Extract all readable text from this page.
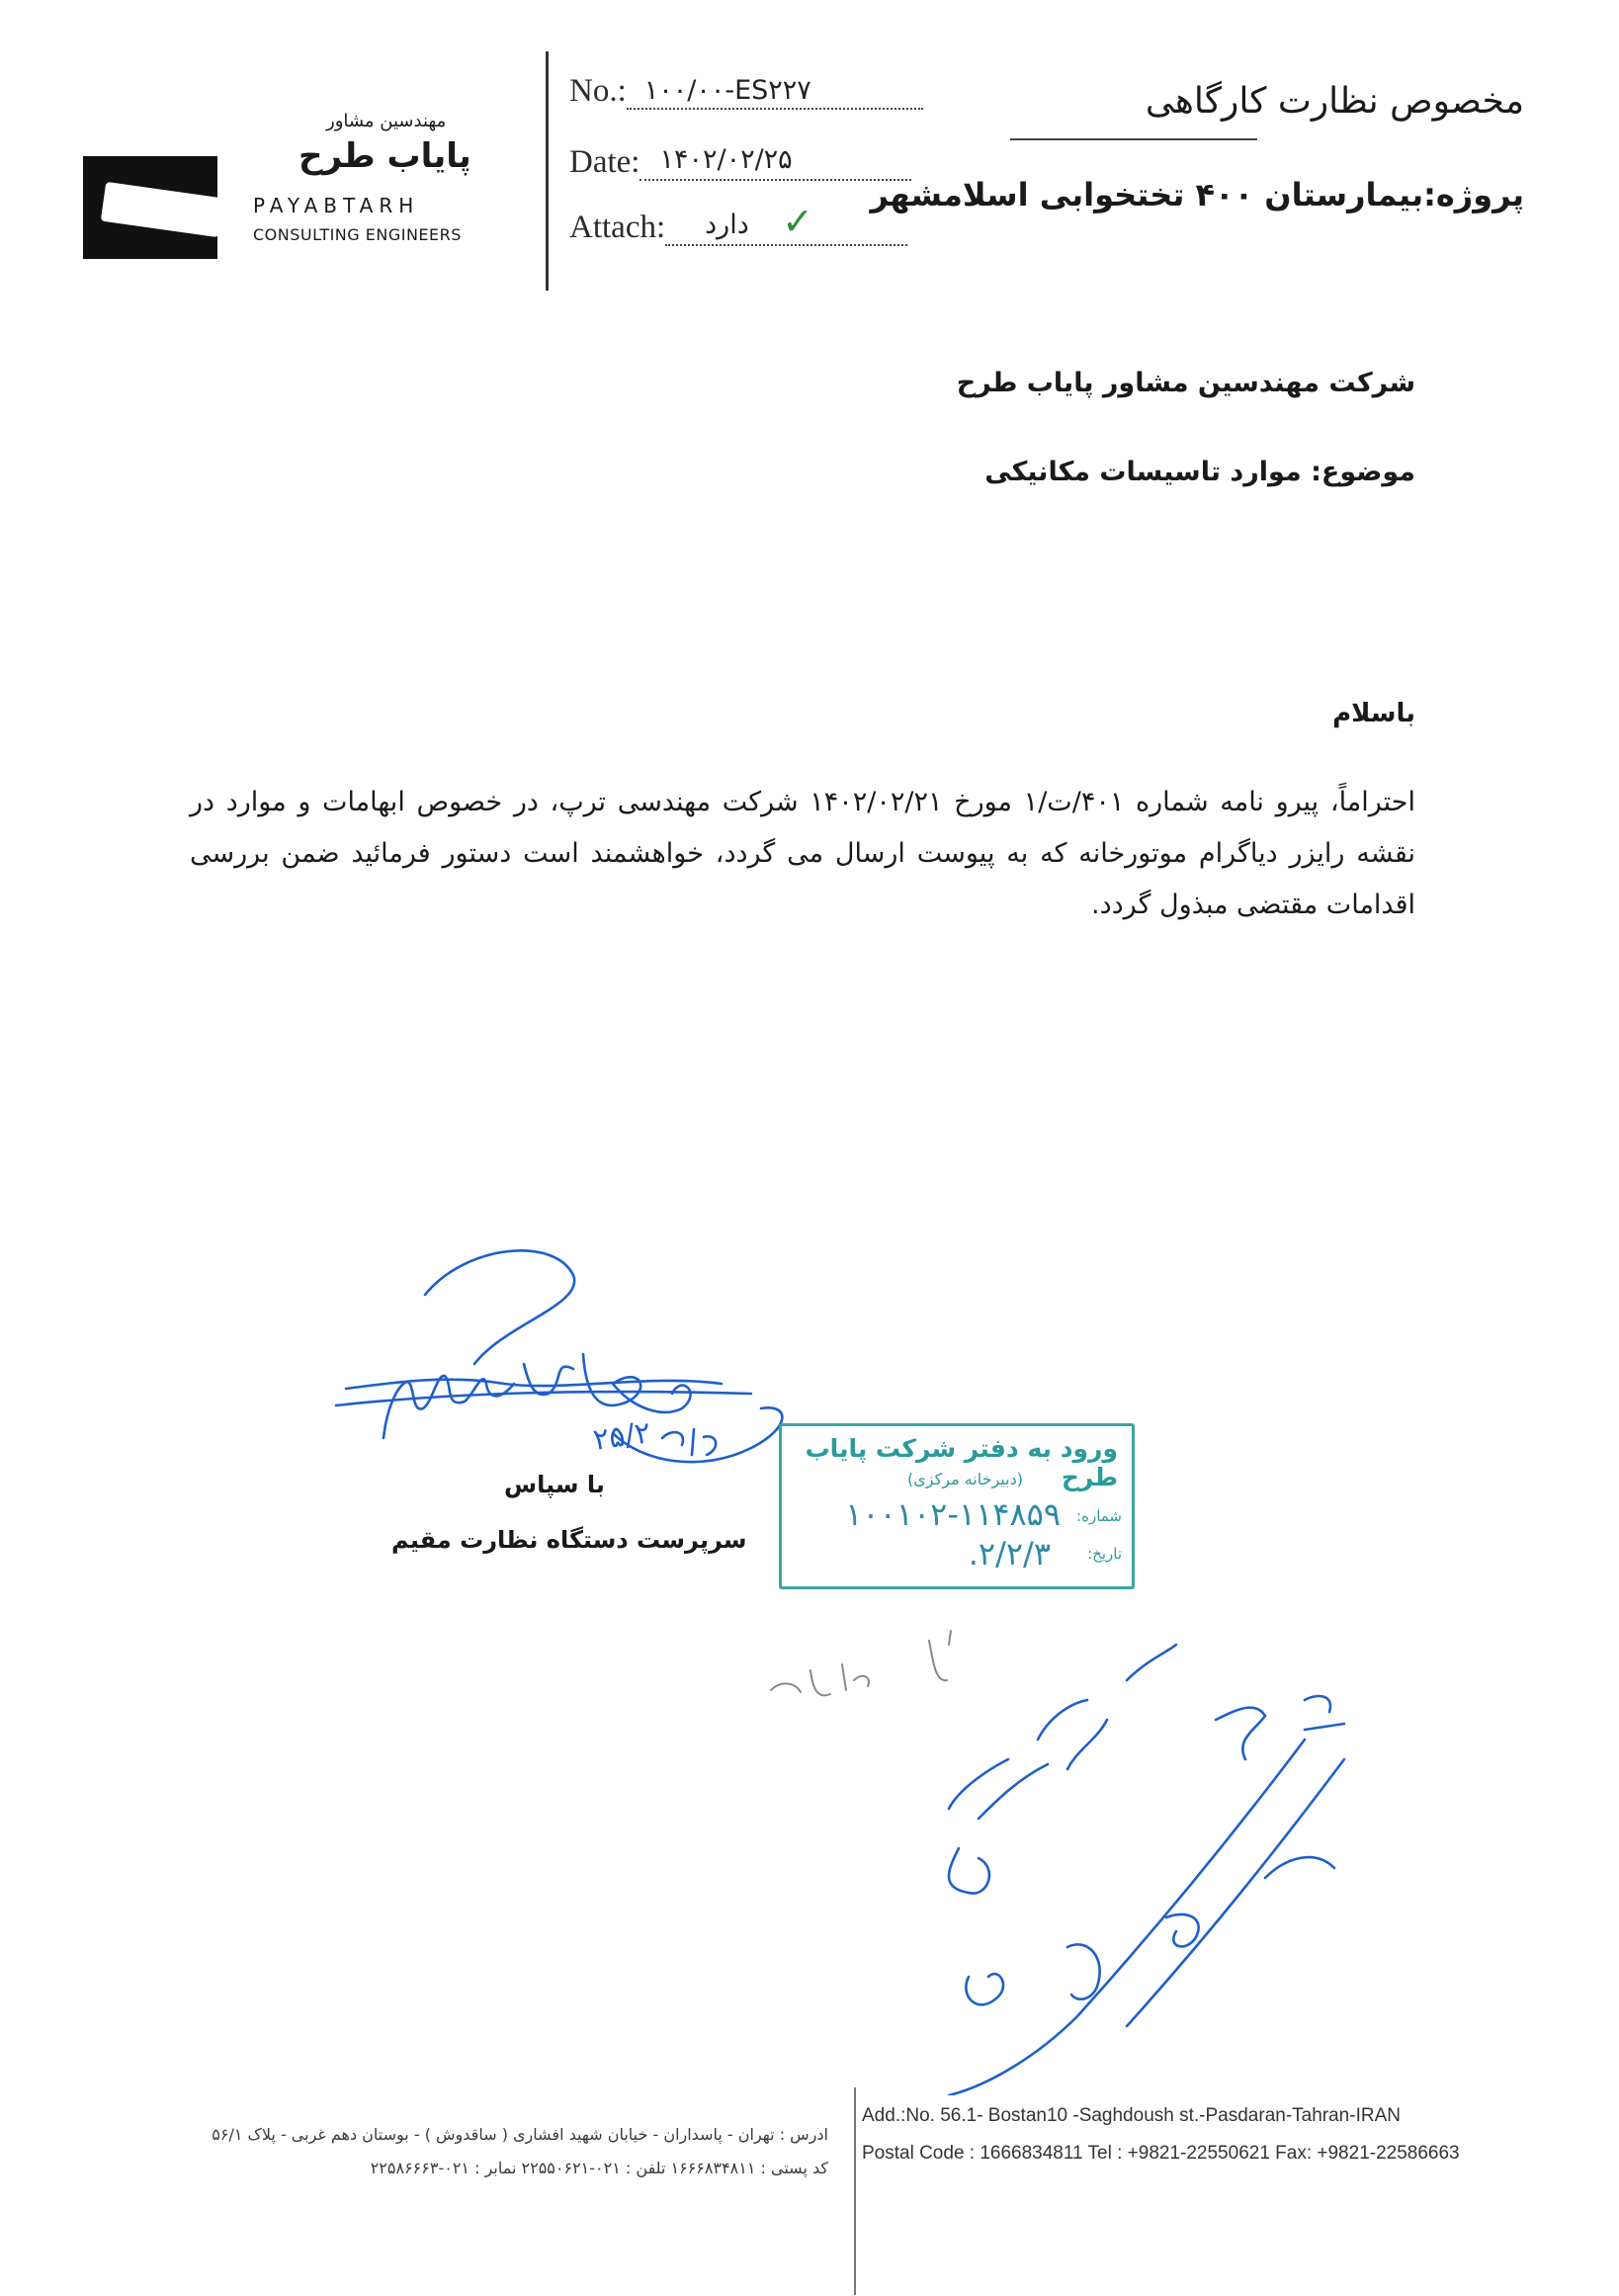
مهندسین مشاور
پایاب طرح
PAYABTARH
CONSULTING ENGINEERS
No.: ۱۰۰/۰۰-ES۲۲۷
Date: ۱۴۰۲/۰۲/۲۵
Attach: دارد ✓
مخصوص نظارت کارگاهی
پروژه:بیمارستان ۴۰۰ تختخوابی اسلامشهر
شرکت مهندسین مشاور پایاب طرح
موضوع: موارد تاسیسات مکانیکی
باسلام
احتراماً، پیرو نامه شماره ۴۰۱/ت/۱ مورخ ۱۴۰۲/۰۲/۲۱ شرکت مهندسی ترپ، در خصوص ابهامات و موارد در نقشه رایزر دیاگرام موتورخانه که به پیوست ارسال می گردد، خواهشمند است دستور فرمائید ضمن بررسی اقدامات مقتضی مبذول گردد.
۲۵/۲
با سپاس
سرپرست دستگاه نظارت مقیم
ورود به دفتر شرکت پایاب طرح
(دبیرخانه مرکزی)
شماره:
۱۰۰۱۰۲-۱۱۴۸۵۹
تاریخ:
۲/۲/۳.
ادرس : تهران - پاسداران - خیابان شهید افشاری ( ساقدوش ) - بوستان دهم غربی - پلاک ۵۶/۱
کد پستی : ۱۶۶۶۸۳۴۸۱۱ تلفن : ۰۲۱-۲۲۵۵۰۶۲۱ نمابر : ۰۲۱-۲۲۵۸۶۶۶۳
Add.:No. 56.1- Bostan10 -Saghdoush st.-Pasdaran-Tahran-IRAN
Postal Code : 1666834811 Tel : +9821-22550621 Fax: +9821-22586663
